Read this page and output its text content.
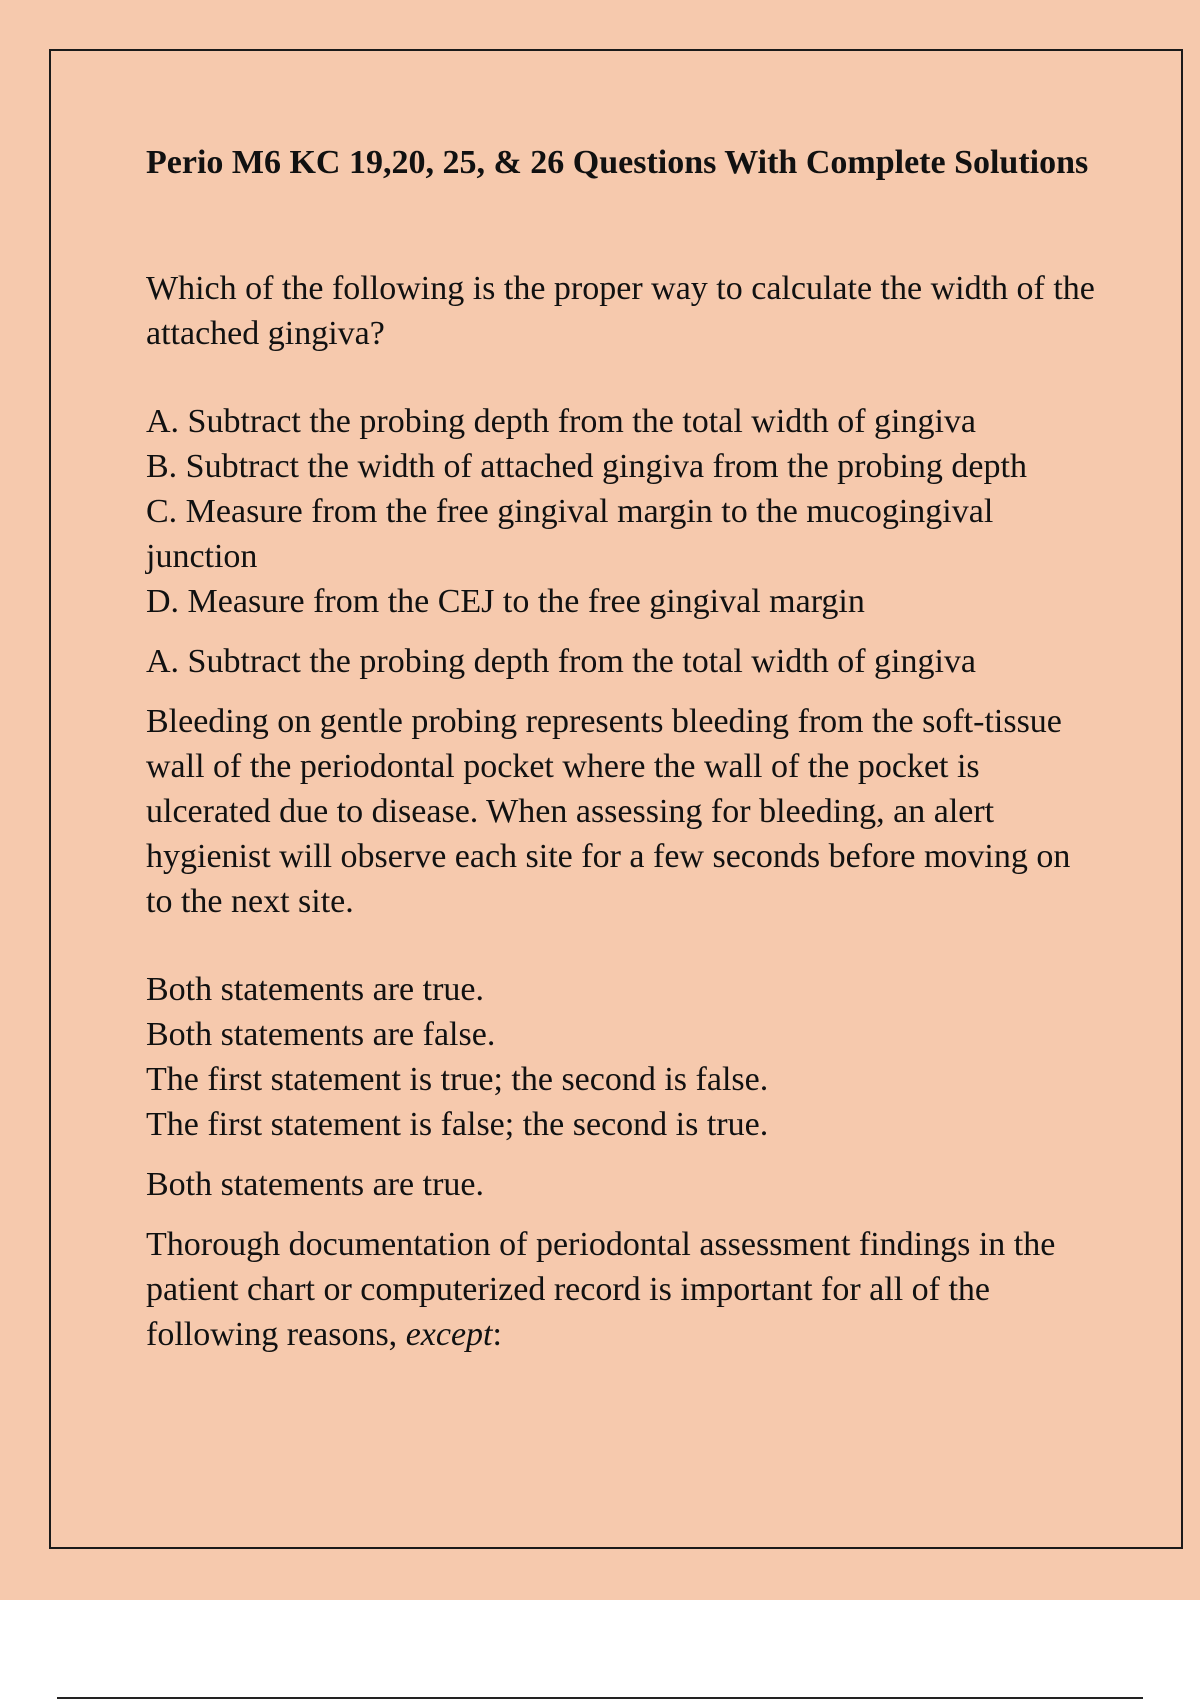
Perio M6 KC 19,20, 25, & 26 Questions With Complete Solutions

Which of the following is the proper way to calculate the width of the attached gingiva?

A. Subtract the probing depth from the total width of gingiva
B. Subtract the width of attached gingiva from the probing depth
C. Measure from the free gingival margin to the mucogingival junction
D. Measure from the CEJ to the free gingival margin

A. Subtract the probing depth from the total width of gingiva

Bleeding on gentle probing represents bleeding from the soft-tissue wall of the periodontal pocket where the wall of the pocket is ulcerated due to disease. When assessing for bleeding, an alert hygienist will observe each site for a few seconds before moving on to the next site.

Both statements are true.
Both statements are false.
The first statement is true; the second is false.
The first statement is false; the second is true.

Both statements are true.

Thorough documentation of periodontal assessment findings in the patient chart or computerized record is important for all of the following reasons, except:
